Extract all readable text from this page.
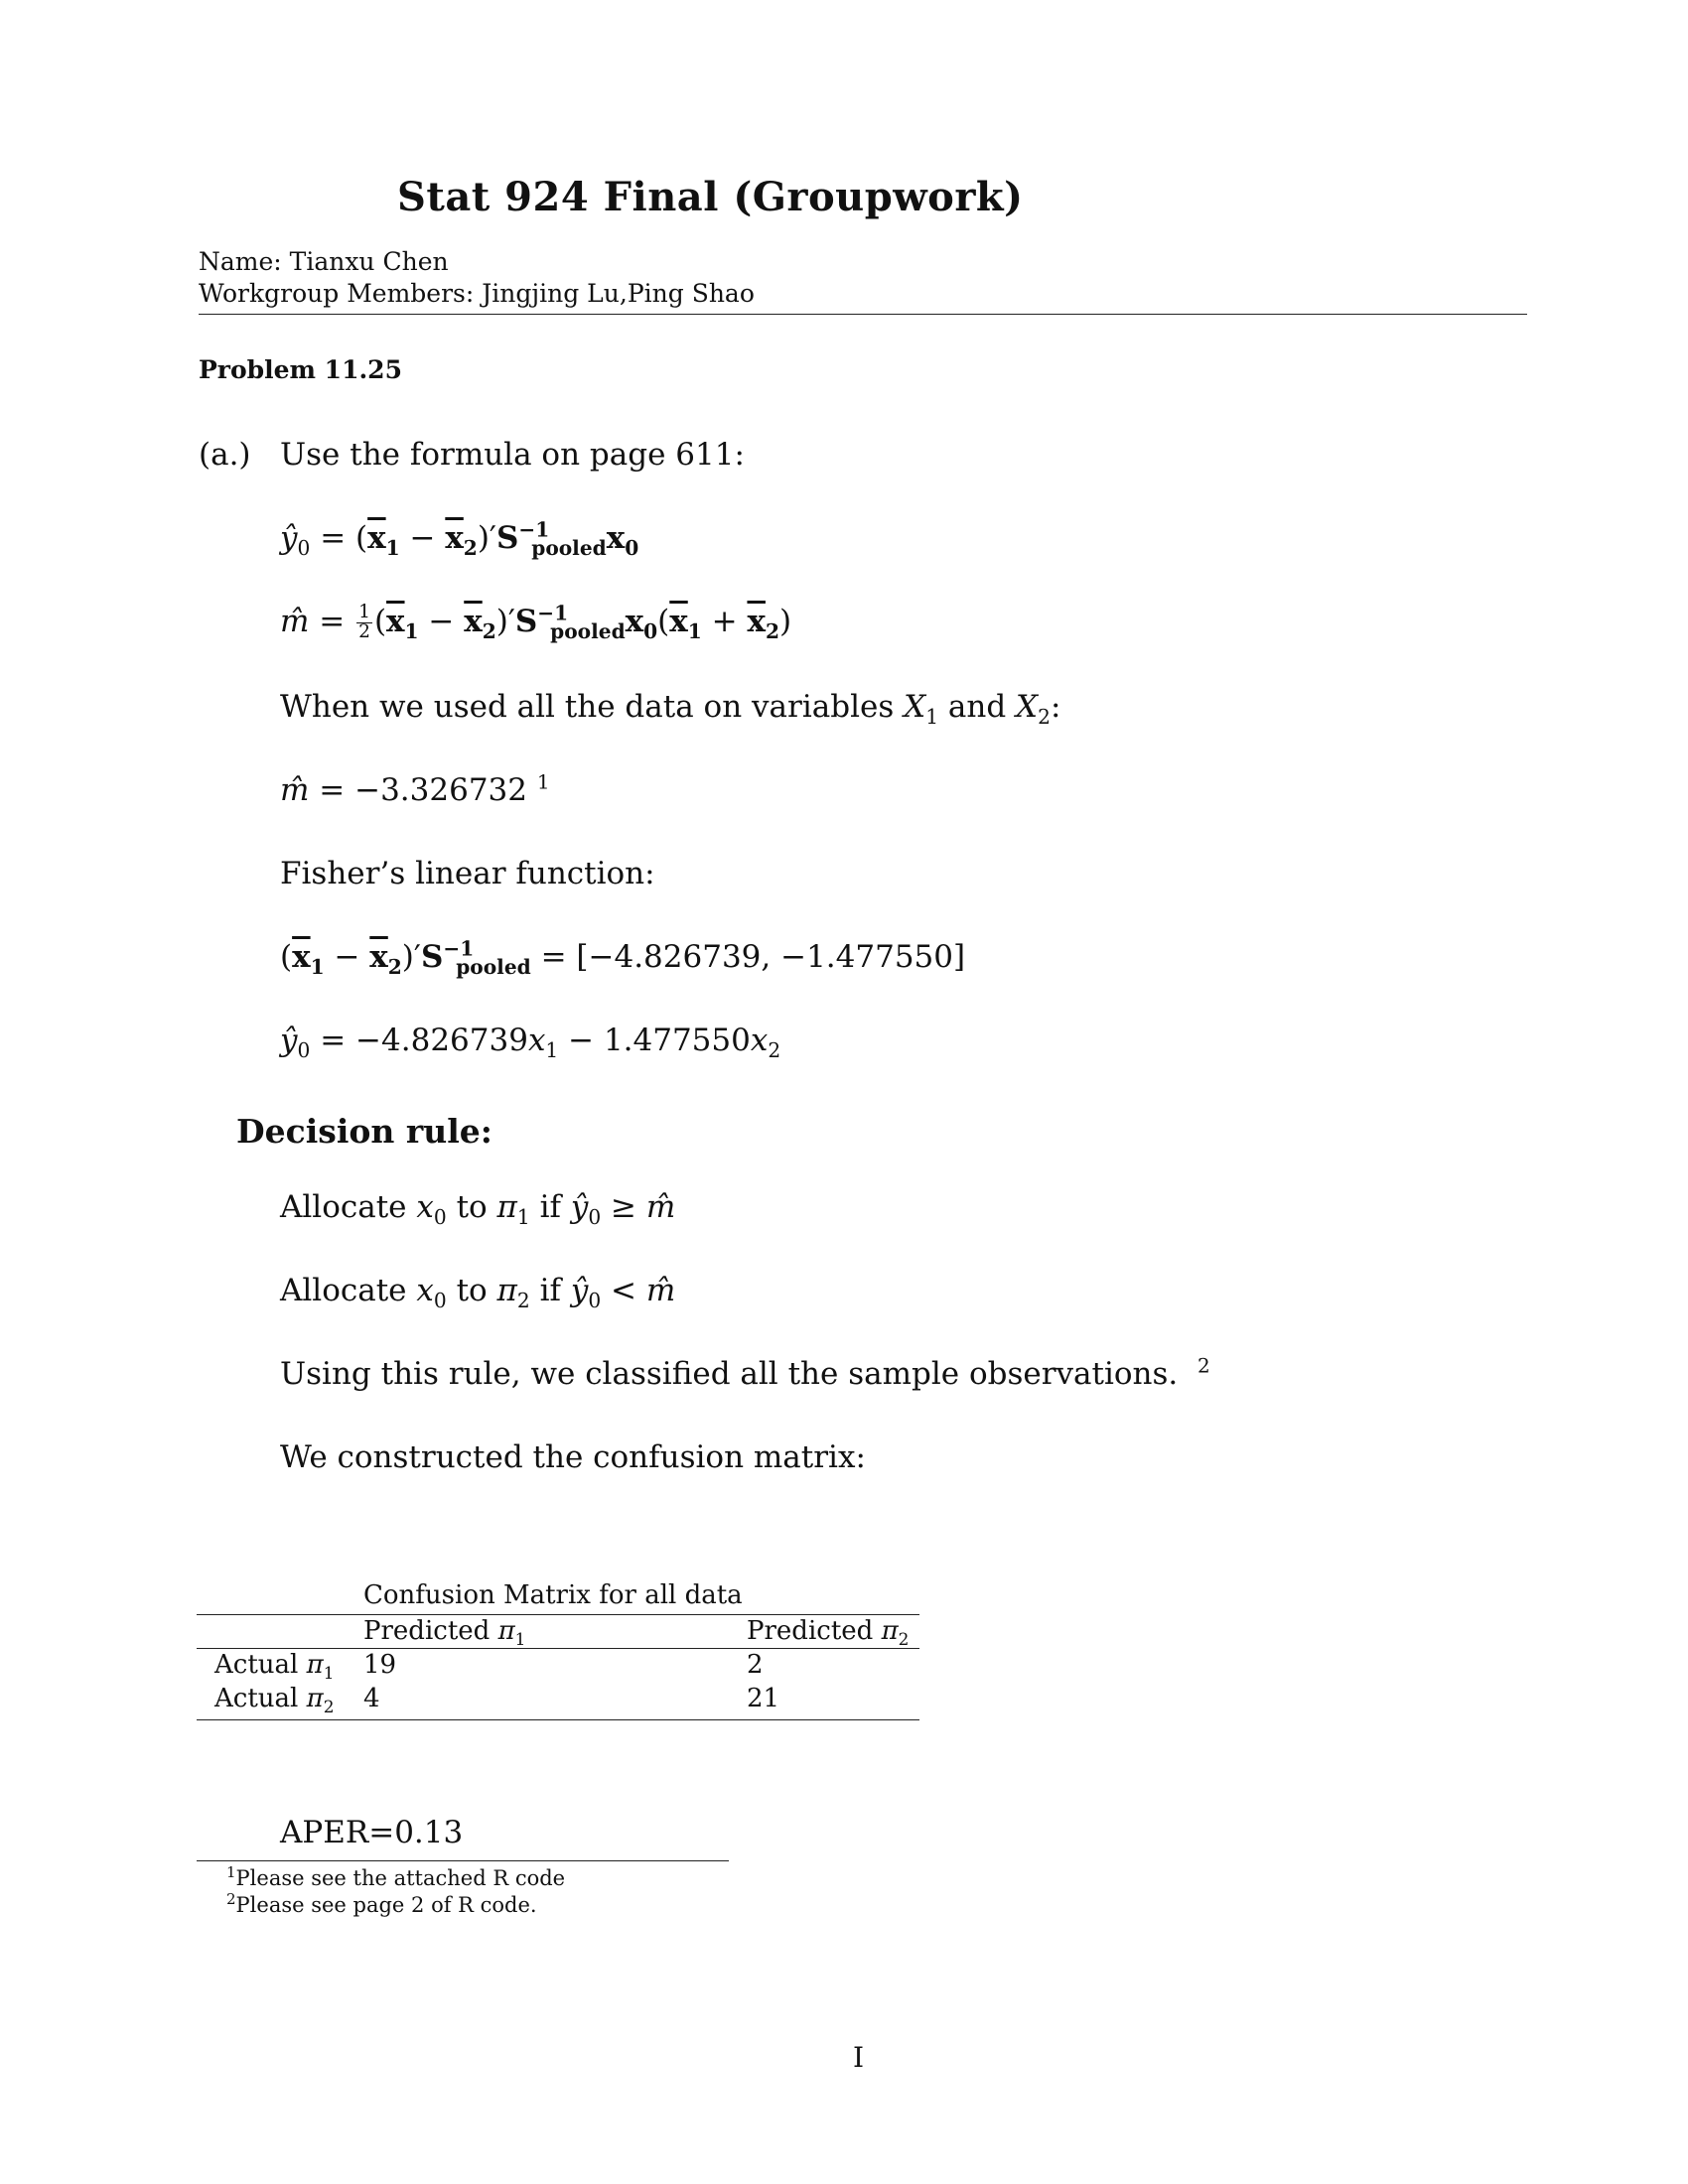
Stat 924 Final (Groupwork)
Name: Tianxu Chen
Workgroup Members: Jingjing Lu,Ping Shao
Problem 11.25
(a.) Use the formula on page 611:
$ŷ_0 = (\overline{x}_1 - \overline{x}_2)'S^{-1}_{pooled}x_0$
m̂ = $\frac{1}{2} (\overline{x}_1 - \overline{x}_2)'S^{-1}_{pooled}x_0(\overline{x}_1 + \overline{x}_2)$
When we used all the data on variables $X_1$ and $X_2$:
m̂ = −3.326732 $^1$
Fisher’s linear function:
$(\overline{x}_1 - \overline{x}_2)'S^{-1}_{pooled} = [-4.826739$, −1.477550]
$ŷ_0 = -4.826739x_1 - 1.477550x_2$
Decision rule:
Allocate $x_0$ to $\pi_1$ if $ŷ_0$ ≥ m̂
Allocate $x_0$ to $\pi_2$ if $ŷ_0$ < m̂
Using this rule, we classified all the sample observations. $^2$
We constructed the confusion matrix:
Confusion Matrix for all data
Predicted $\pi_1$	Predicted $\pi_2$
Actual $\pi_1$ 19	2
Actual $\pi_2$ 4	21
APER=0.13
$^1$Please see the attached R code
$^2$Please see page 2 of R code.
I
